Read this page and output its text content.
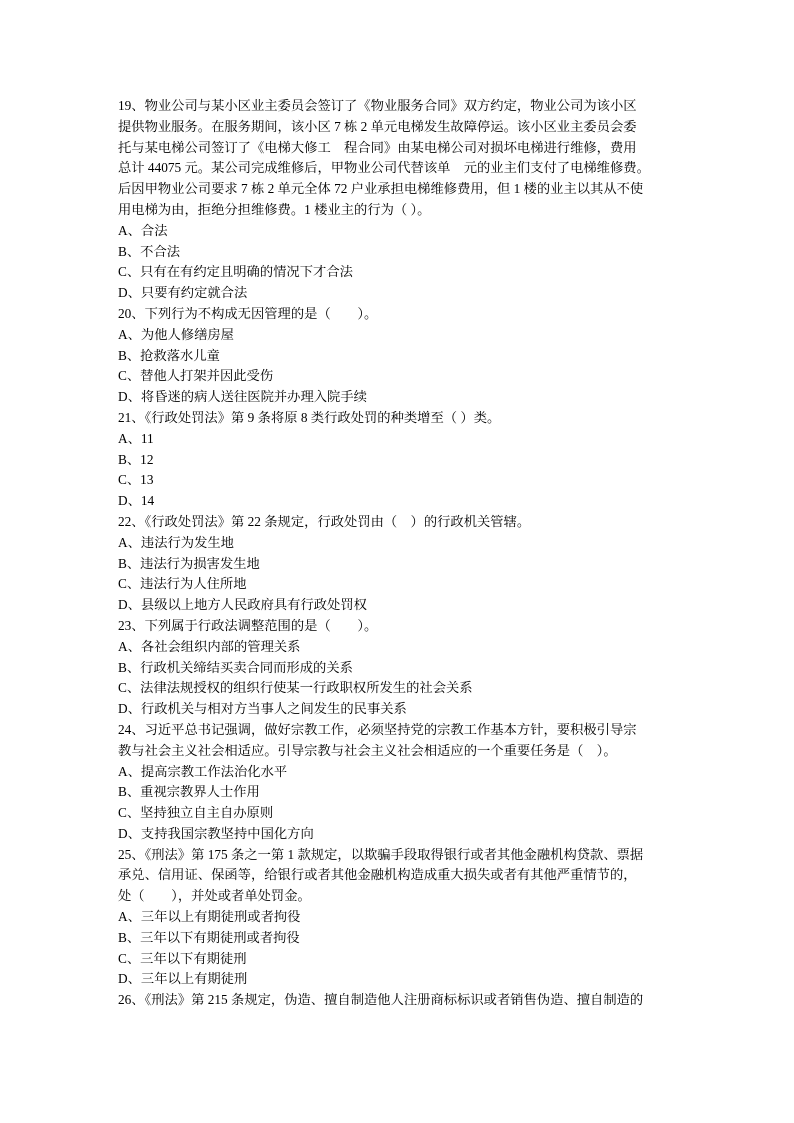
19、物业公司与某小区业主委员会签订了《物业服务合同》双方约定，物业公司为该小区
提供物业服务。在服务期间，该小区 7 栋 2 单元电梯发生故障停运。该小区业主委员会委
托与某电梯公司签订了《电梯大修工　程合同》由某电梯公司对损坏电梯进行维修，费用
总计 44075 元。某公司完成维修后，甲物业公司代替该单　元的业主们支付了电梯维修费。
后因甲物业公司要求 7 栋 2 单元全体 72 户业承担电梯维修费用，但 1 楼的业主以其从不使
用电梯为由，拒绝分担维修费。1 楼业主的行为（ ）。
A、合法
B、不合法
C、只有在有约定且明确的情况下才合法
D、只要有约定就合法
20、下列行为不构成无因管理的是（　　）。
A、为他人修缮房屋
B、抢救落水儿童
C、替他人打架并因此受伤
D、将昏迷的病人送往医院并办理入院手续
21、《行政处罚法》第 9 条将原 8 类行政处罚的种类增至（ ）类。
A、11
B、12
C、13
D、14
22、《行政处罚法》第 22 条规定，行政处罚由（　）的行政机关管辖。
A、违法行为发生地
B、违法行为损害发生地
C、违法行为人住所地
D、县级以上地方人民政府具有行政处罚权
23、下列属于行政法调整范围的是（　　）。
A、各社会组织内部的管理关系
B、行政机关缔结买卖合同而形成的关系
C、法律法规授权的组织行使某一行政职权所发生的社会关系
D、行政机关与相对方当事人之间发生的民事关系
24、习近平总书记强调，做好宗教工作，必须坚持党的宗教工作基本方针，要积极引导宗
教与社会主义社会相适应。引导宗教与社会主义社会相适应的一个重要任务是（　）。
A、提高宗教工作法治化水平
B、重视宗教界人士作用
C、坚持独立自主自办原则
D、支持我国宗教坚持中国化方向
25、《刑法》第 175 条之一第 1 款规定，以欺骗手段取得银行或者其他金融机构贷款、票据
承兑、信用证、保函等，给银行或者其他金融机构造成重大损失或者有其他严重情节的，
处（　　），并处或者单处罚金。
A、三年以上有期徒刑或者拘役
B、三年以下有期徒刑或者拘役
C、三年以下有期徒刑
D、三年以上有期徒刑
26、《刑法》第 215 条规定，伪造、擅自制造他人注册商标标识或者销售伪造、擅自制造的
